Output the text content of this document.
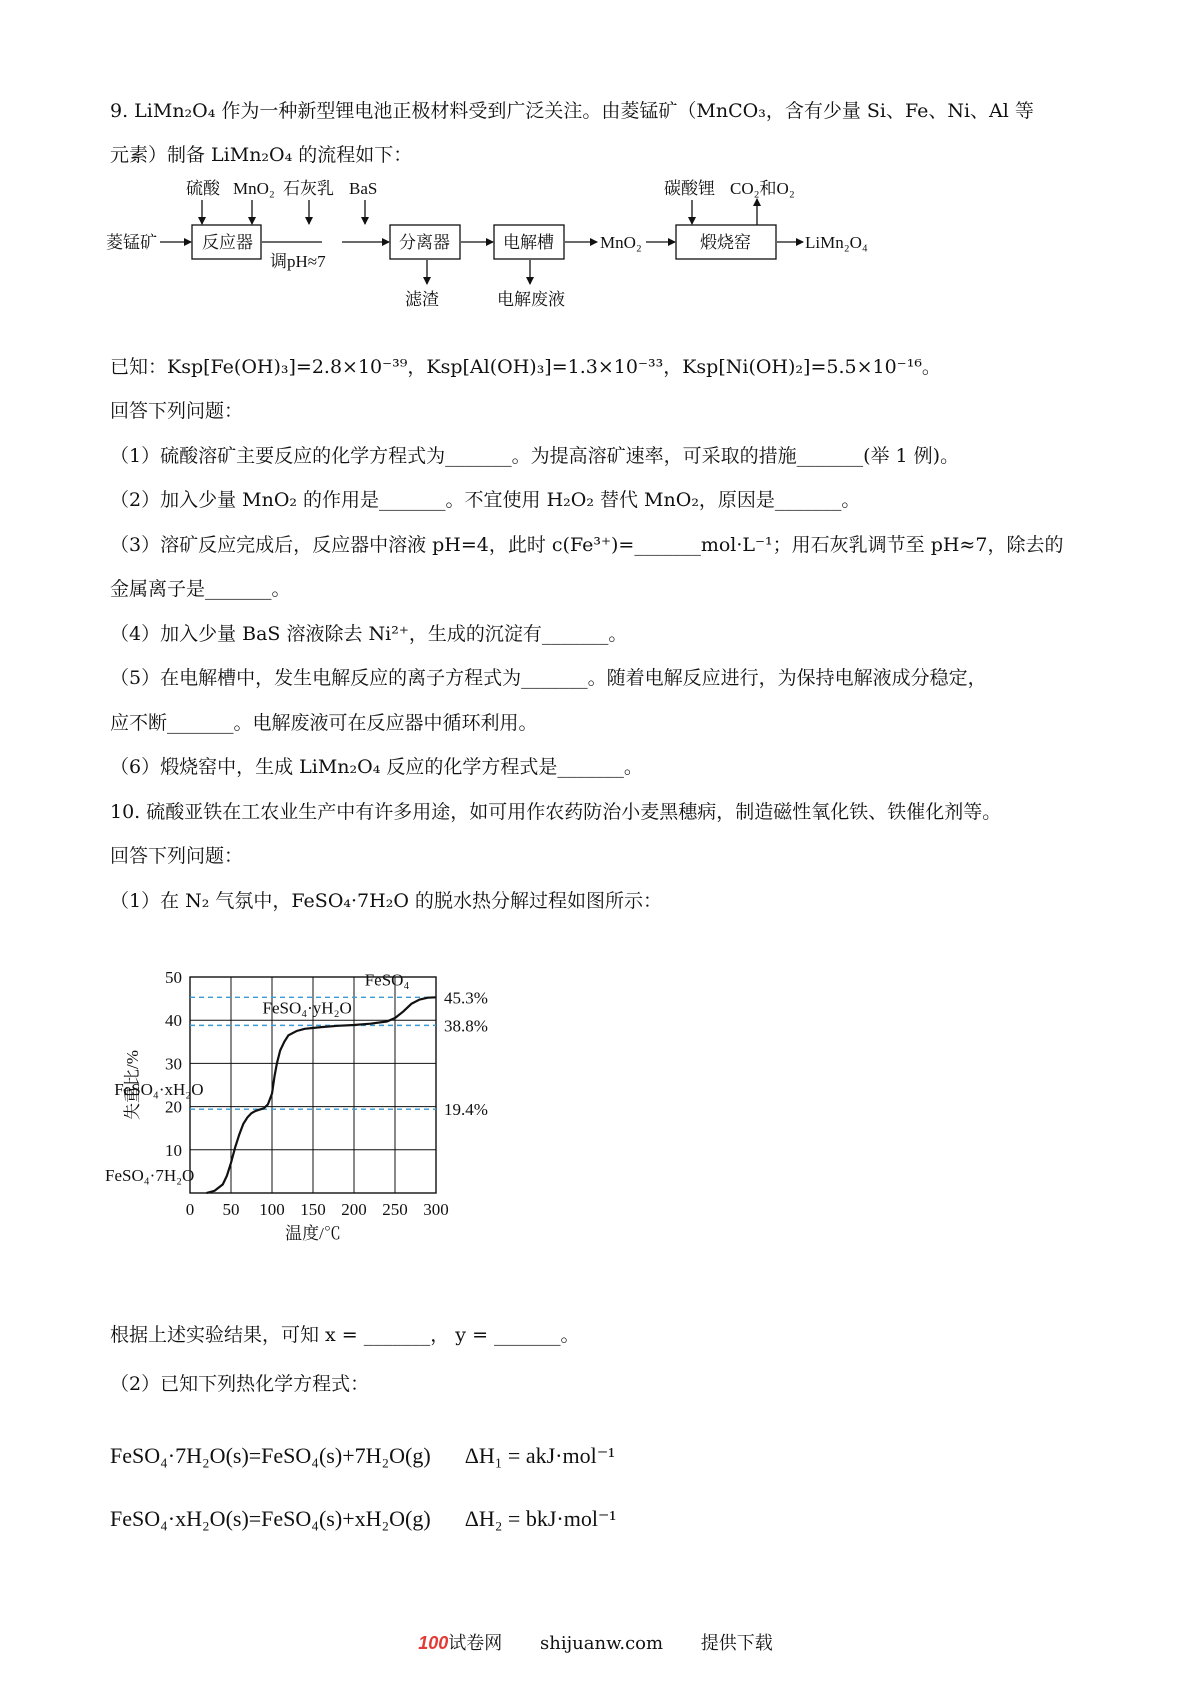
9. LiMn₂O₄ 作为一种新型锂电池正极材料受到广泛关注。由菱锰矿（MnCO₃，含有少量 Si、Fe、Ni、Al 等
元素）制备 LiMn₂O₄ 的流程如下：
硫酸 MnO₂ 石灰乳 BaS
菱锰矿	反应器	分离器	电解槽	煅烧窑
调pH≈7
MnO₂
碳酸锂 CO₂和O₂
LiMn₂O₄
滤渣	电解废液
已知：Ksp[Fe(OH)₃]=2.8×10⁻³⁹，Ksp[Al(OH)₃]=1.3×10⁻³³，Ksp[Ni(OH)₂]=5.5×10⁻¹⁶。
回答下列问题：
（1）硫酸溶矿主要反应的化学方程式为_______。为提高溶矿速率，可采取的措施_______(举 1 例)。
（2）加入少量 MnO₂ 的作用是_______。不宜使用 H₂O₂ 替代 MnO₂，原因是_______。
（3）溶矿反应完成后，反应器中溶液 pH=4，此时 c(Fe³⁺)=_______mol·L⁻¹；用石灰乳调节至 pH≈7，除去的
金属离子是_______。
（4）加入少量 BaS 溶液除去 Ni²⁺，生成的沉淀有_______。
（5）在电解槽中，发生电解反应的离子方程式为_______。随着电解反应进行，为保持电解液成分稳定，
应不断_______。电解废液可在反应器中循环利用。
（6）煅烧窑中，生成 LiMn₂O₄ 反应的化学方程式是_______。
10. 硫酸亚铁在工农业生产中有许多用途，如可用作农药防治小麦黑穗病，制造磁性氧化铁、铁催化剂等。
回答下列问题：
（1）在 N₂ 气氛中，FeSO₄·7H₂O 的脱水热分解过程如图所示：
0 50 100 150 200 250 300
10
20
30
40
50
温度/℃
失重比/%
45.3%
38.8%
19.4%
FeSO₄·7H₂O
FeSO₄·xH₂O
FeSO₄·yH₂O
FeSO₄
根据上述实验结果，可知 x = _______， y = _______。
（2）已知下列热化学方程式：
FeSO₄·7H₂O(s)=FeSO₄(s)+7H₂O(g) ΔH₁ = akJ·mol⁻¹
FeSO₄·xH₂O(s)=FeSO₄(s)+xH₂O(g) ΔH₂ = bkJ·mol⁻¹
100试卷网 shijuanw.com 提供下载
